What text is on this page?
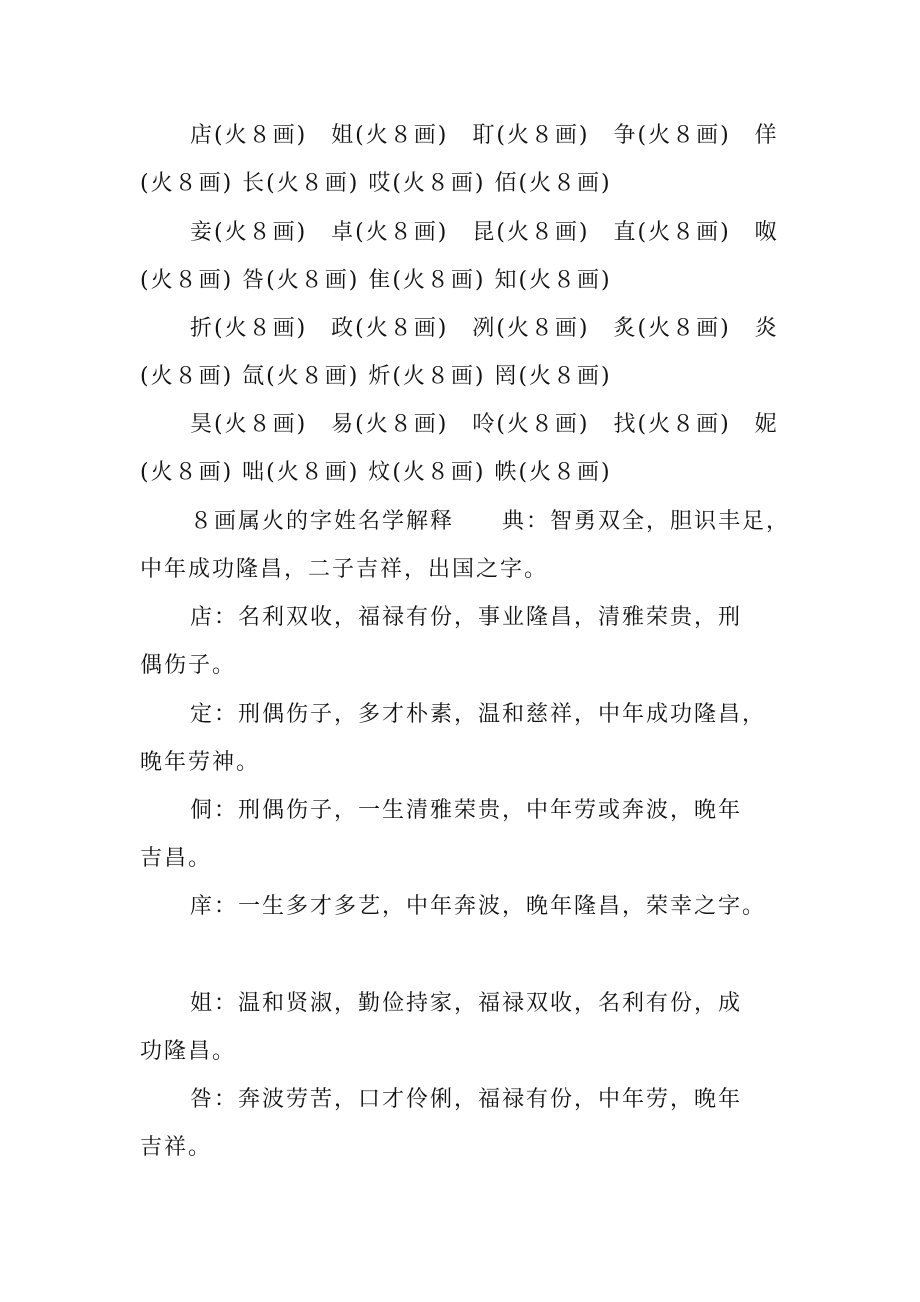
店(火８画)　姐(火８画)　耵(火８画)　争(火８画)　佯
(火８画) 长(火８画) 哎(火８画) 佰(火８画)
妾(火８画)　卓(火８画)　昆(火８画)　直(火８画)　呶
(火８画) 咎(火８画) 隹(火８画) 知(火８画)
折(火８画)　政(火８画)　冽(火８画)　炙(火８画)　炎
(火８画) 氙(火８画) 炘(火８画) 罔(火８画)
昊(火８画)　易(火８画)　呤(火８画)　找(火８画)　妮
(火８画) 咄(火８画) 炆(火８画) 帙(火８画)
８画属火的字姓名学解释　　典：智勇双全，胆识丰足，
中年成功隆昌，二子吉祥，出国之字。
店：名利双收，福禄有份，事业隆昌，清雅荣贵，刑
偶伤子。
定：刑偶伤子，多才朴素，温和慈祥，中年成功隆昌，
晚年劳神。
侗：刑偶伤子，一生清雅荣贵，中年劳或奔波，晚年
吉昌。
庠：一生多才多艺，中年奔波，晚年隆昌，荣幸之字。
姐：温和贤淑，勤俭持家，福禄双收，名利有份，成
功隆昌。
咎：奔波劳苦，口才伶俐，福禄有份，中年劳，晚年
吉祥。
